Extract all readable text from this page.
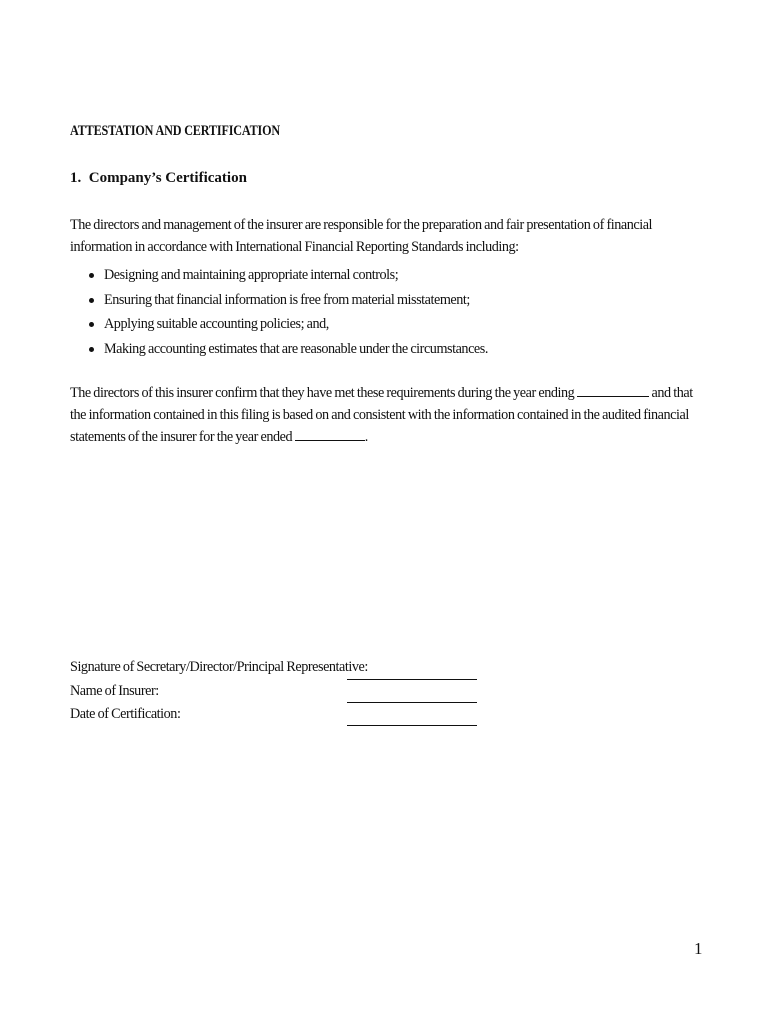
ATTESTATION AND CERTIFICATION
1. Company’s Certification
The directors and management of the insurer are responsible for the preparation and fair presentation of financial information in accordance with International Financial Reporting Standards including:
Designing and maintaining appropriate internal controls;
Ensuring that financial information is free from material misstatement;
Applying suitable accounting policies; and,
Making accounting estimates that are reasonable under the circumstances.
The directors of this insurer confirm that they have met these requirements during the year ending	and that the information contained in this filing is based on and consistent with the information contained in the audited financial statements of the insurer for the year ended	.
Signature of Secretary/Director/Principal Representative:
Name of Insurer:
Date of Certification:
1
